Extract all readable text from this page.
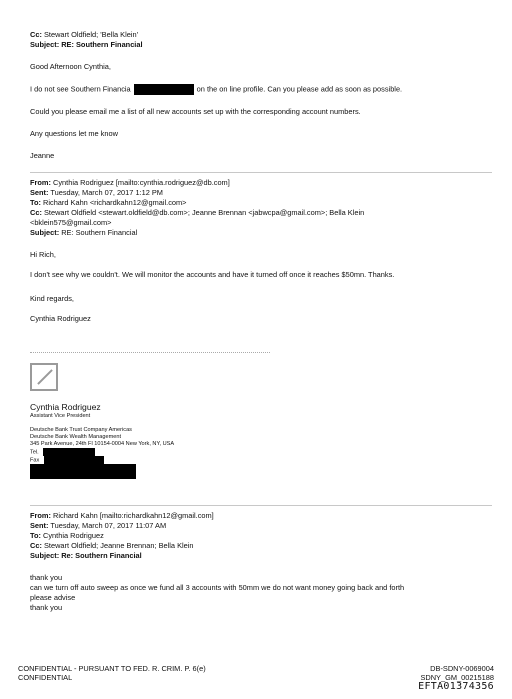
Cc: Stewart Oldfield; 'Bella Klein'
Subject: RE: Southern Financial
Good Afternoon Cynthia,
I do not see Southern Financia	on the on line profile. Can you please add as soon as possible.
Could you please email me a list of all new accounts set up with the corresponding account numbers.
Any questions let me know
Jeanne
From: Cynthia Rodriguez [mailto:cynthia.rodriguez@db.com]
Sent: Tuesday, March 07, 2017 1:12 PM
To: Richard Kahn <richardkahn12@gmail.com>
Cc: Stewart Oldfield <stewart.oldfield@db.com>; Jeanne Brennan <jabwcpa@gmail.com>; Bella Klein
<bklein575@gmail.com>
Subject: RE: Southern Financial
Hi Rich,
I don't see why we couldn't. We will monitor the accounts and have it turned off once it reaches $50mn. Thanks.
Kind regards,
Cynthia Rodriguez
Cynthia Rodriguez
Assistant Vice President
Deutsche Bank Trust Company Americas
Deutsche Bank Wealth Management
345 Park Avenue, 24th Fl 10154-0004 New York, NY, USA
Tel.
Fax
From: Richard Kahn [mailto:richardkahn12@gmail.com]
Sent: Tuesday, March 07, 2017 11:07 AM
To: Cynthia Rodriguez
Cc: Stewart Oldfield; Jeanne Brennan; Bella Klein
Subject: Re: Southern Financial
thank you
can we turn off auto sweep as once we fund all 3 accounts with 50mm we do not want money going back and forth
please advise
thank you
CONFIDENTIAL - PURSUANT TO FED. R. CRIM. P. 6(e)
CONFIDENTIAL
DB-SDNY-0069004
SDNY_GM_00215188
EFTA01374356
